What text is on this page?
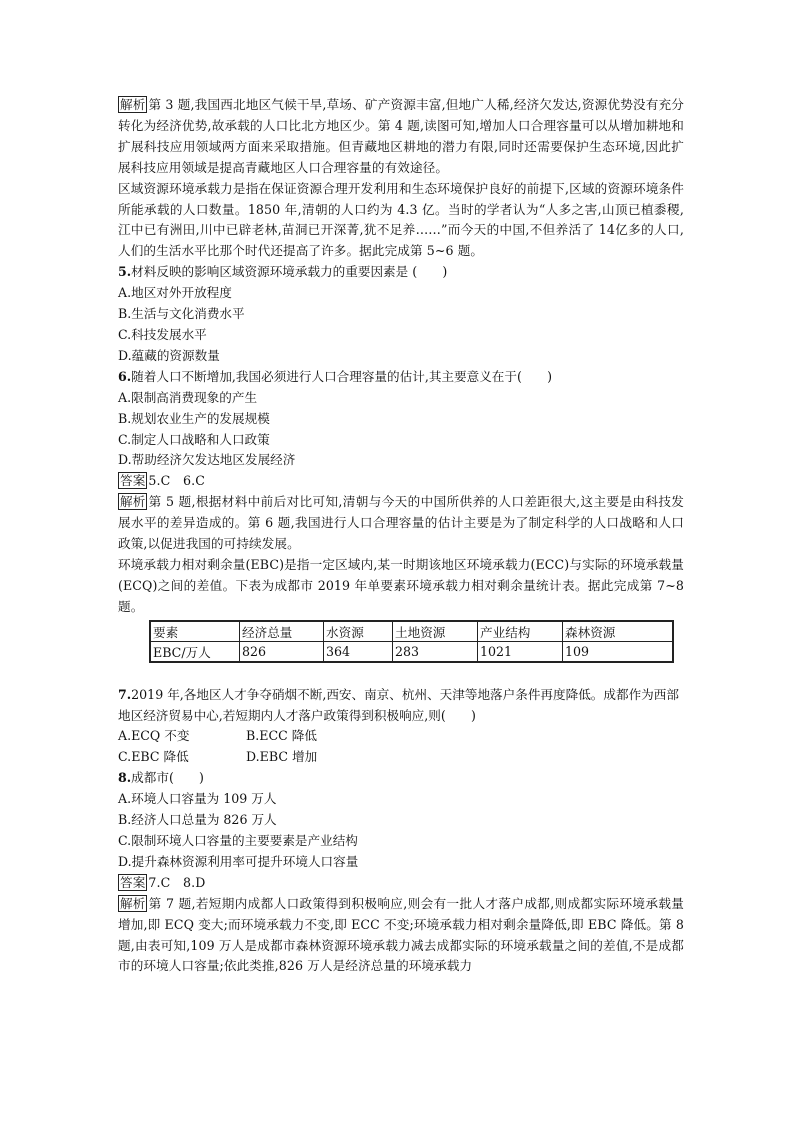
解析 第 3 题,我国西北地区气候干旱,草场、矿产资源丰富,但地广人稀,经济欠发达,资源优势没有充分转化为经济优势,故承载的人口比北方地区少。第 4 题,读图可知,增加人口合理容量可以从增加耕地和扩展科技应用领域两方面来采取措施。但青藏地区耕地的潜力有限,同时还需要保护生态环境,因此扩展科技应用领域是提高青藏地区人口合理容量的有效途径。

区域资源环境承载力是指在保证资源合理开发利用和生态环境保护良好的前提下,区域的资源环境条件所能承载的人口数量。1850 年,清朝的人口约为 4.3 亿。当时的学者认为“人多之害,山顶已植黍稷,江中已有洲田,川中已辟老林,苗洞已开深菁,犹不足养……”而今天的中国,不但养活了 14亿多的人口,人们的生活水平比那个时代还提高了许多。据此完成第 5~6 题。

5.材料反映的影响区域资源环境承载力的重要因素是 (　　)

A.地区对外开放程度

B.生活与文化消费水平

C.科技发展水平

D.蕴藏的资源数量

6.随着人口不断增加,我国必须进行人口合理容量的估计,其主要意义在于(　　)

A.限制高消费现象的产生

B.规划农业生产的发展规模

C.制定人口战略和人口政策

D.帮助经济欠发达地区发展经济

答案 5.C　6.C

解析 第 5 题,根据材料中前后对比可知,清朝与今天的中国所供养的人口差距很大,这主要是由科技发展水平的差异造成的。第 6 题,我国进行人口合理容量的估计主要是为了制定科学的人口战略和人口政策,以促进我国的可持续发展。

环境承载力相对剩余量(EBC)是指一定区域内,某一时期该地区环境承载力(ECC)与实际的环境承载量(ECQ)之间的差值。下表为成都市 2019 年单要素环境承载力相对剩余量统计表。据此完成第 7~8 题。

要素	经济总量	水资源	土地资源	产业结构	森林资源
EBC/万人	826	364	283	1021	109

7.2019 年,各地区人才争夺硝烟不断,西安、南京、杭州、天津等地落户条件再度降低。成都作为西部地区经济贸易中心,若短期内人才落户政策得到积极响应,则(　　)

A.ECQ 不变	B.ECC 降低
C.EBC 降低	D.EBC 增加

8.成都市(　　)

A.环境人口容量为 109 万人

B.经济人口总量为 826 万人

C.限制环境人口容量的主要要素是产业结构

D.提升森林资源利用率可提升环境人口容量

答案 7.C　8.D

解析 第 7 题,若短期内成都人口政策得到积极响应,则会有一批人才落户成都,则成都实际环境承载量增加,即 ECQ 变大;而环境承载力不变,即 ECC 不变;环境承载力相对剩余量降低,即 EBC 降低。第 8 题,由表可知,109 万人是成都市森林资源环境承载力减去成都实际的环境承载量之间的差值,不是成都市的环境人口容量;依此类推,826 万人是经济总量的环境承载力
